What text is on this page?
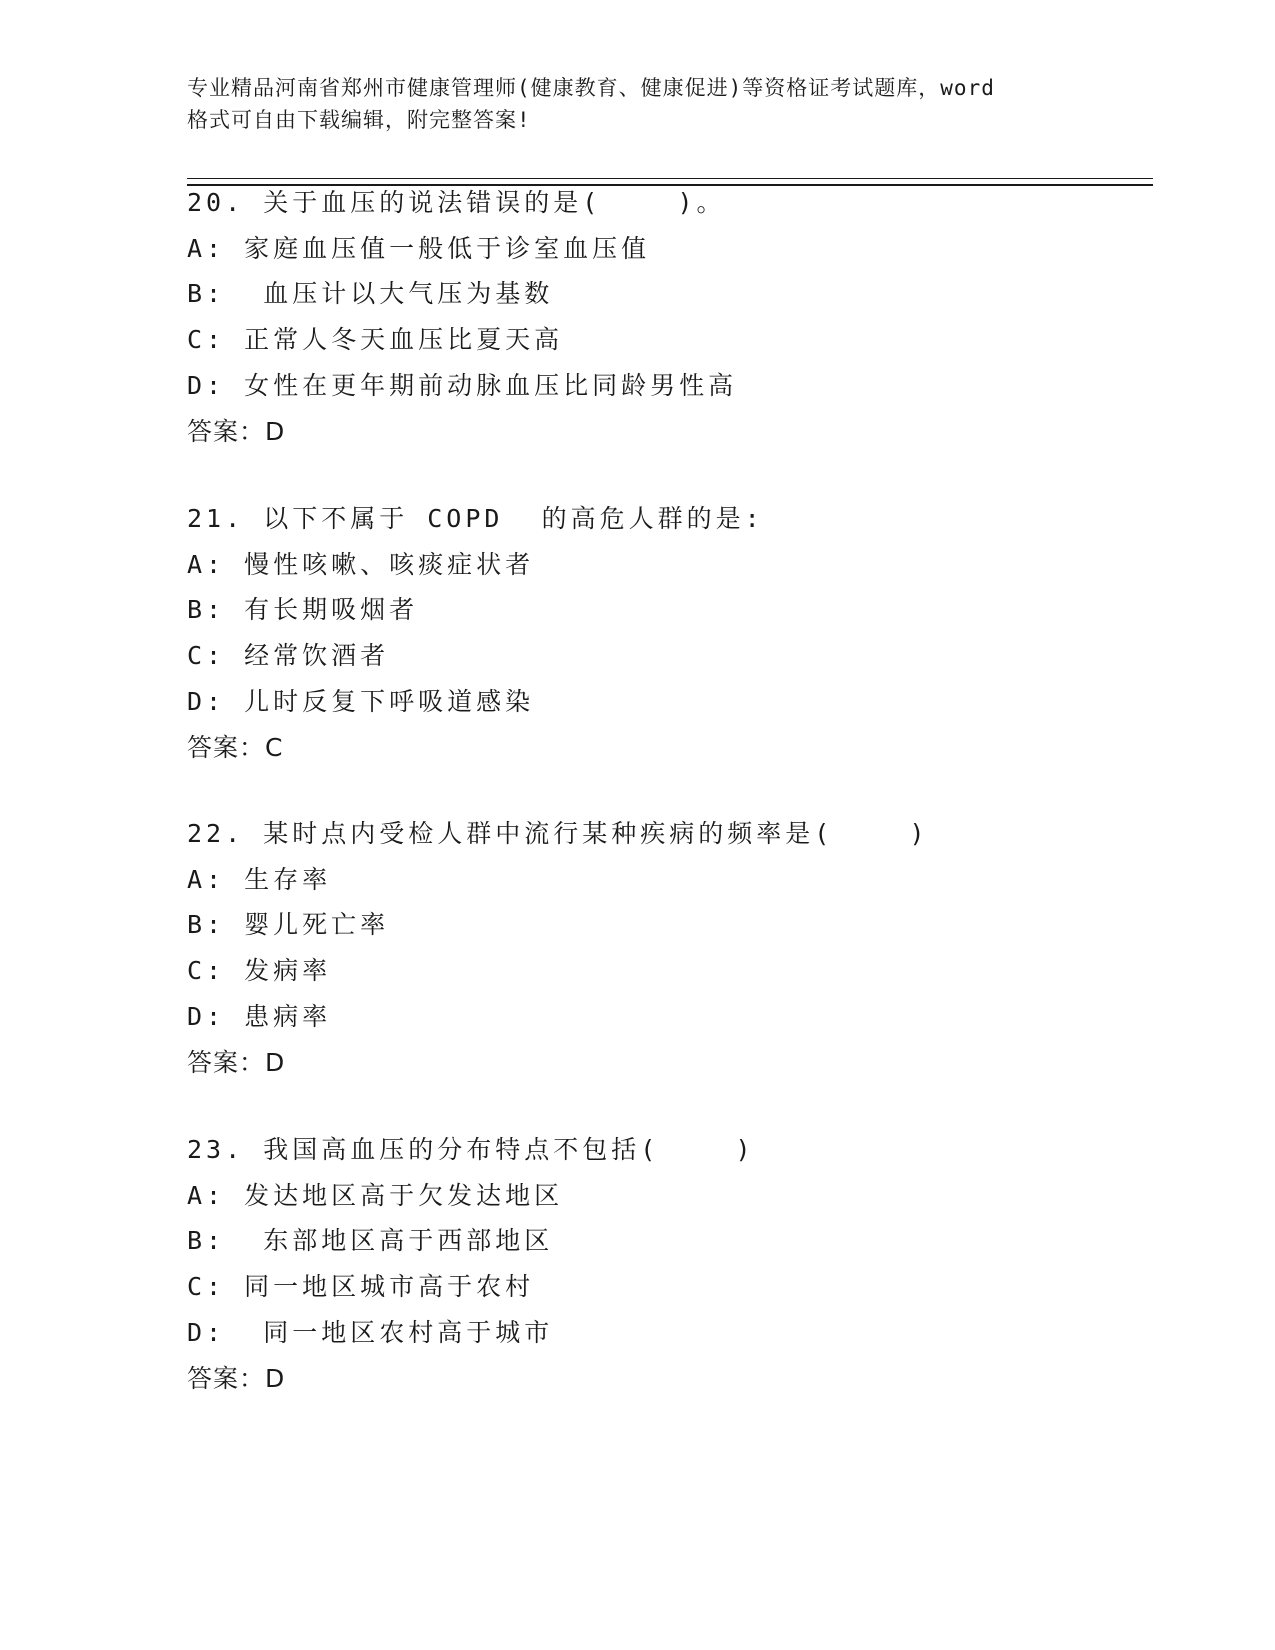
专业精品河南省郑州市健康管理师(健康教育、健康促进)等资格证考试题库，word
格式可自由下载编辑，附完整答案!
20. 关于血压的说法错误的是(    )。
A: 家庭血压值一般低于诊室血压值
B:  血压计以大气压为基数
C: 正常人冬天血压比夏天高
D: 女性在更年期前动脉血压比同龄男性高
答案：D
21. 以下不属于 COPD  的高危人群的是:
A: 慢性咳嗽、咳痰症状者
B: 有长期吸烟者
C: 经常饮酒者
D: 儿时反复下呼吸道感染
答案：C
22. 某时点内受检人群中流行某种疾病的频率是(    )
A: 生存率
B: 婴儿死亡率
C: 发病率
D: 患病率
答案：D
23. 我国高血压的分布特点不包括(    )
A: 发达地区高于欠发达地区
B:  东部地区高于西部地区
C: 同一地区城市高于农村
D:  同一地区农村高于城市
答案：D
